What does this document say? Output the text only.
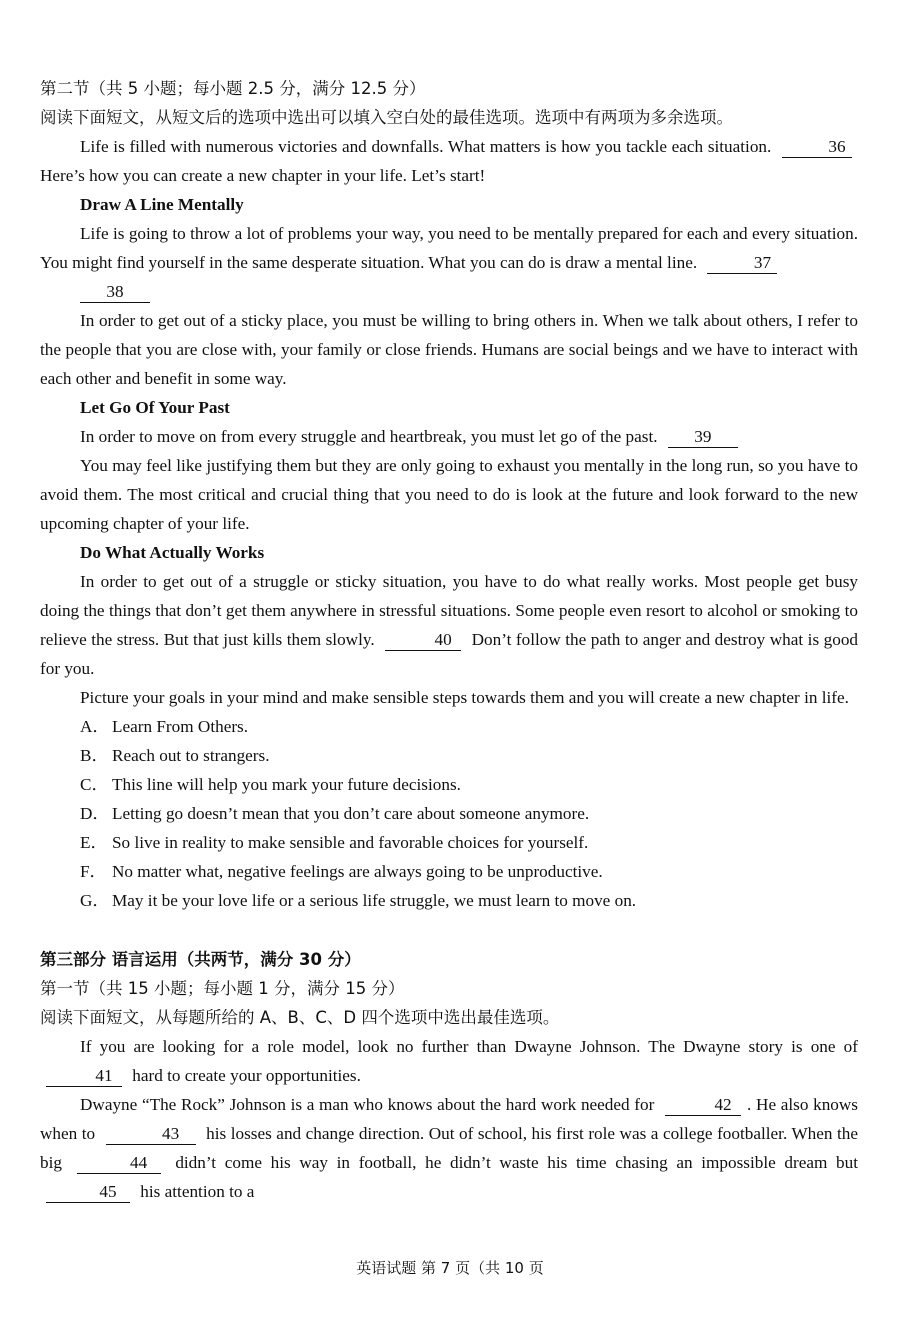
第二节（共 5 小题；每小题 2.5 分，满分 12.5 分）
阅读下面短文，从短文后的选项中选出可以填入空白处的最佳选项。选项中有两项为多余选项。
Life is filled with numerous victories and downfalls. What matters is how you tackle each situation.	36 Here’s how you can create a new chapter in your life. Let’s start!
Draw A Line Mentally
Life is going to throw a lot of problems your way, you need to be mentally prepared for each and every situation. You might find yourself in the same desperate situation. What you can do is draw a mental line.	37
38
In order to get out of a sticky place, you must be willing to bring others in. When we talk about others, I refer to the people that you are close with, your family or close friends. Humans are social beings and we have to interact with each other and benefit in some way.
Let Go Of Your Past
In order to move on from every struggle and heartbreak, you must let go of the past. 39
You may feel like justifying them but they are only going to exhaust you mentally in the long run, so you have to avoid them. The most critical and crucial thing that you need to do is look at the future and look forward to the new upcoming chapter of your life.
Do What Actually Works
In order to get out of a struggle or sticky situation, you have to do what really works. Most people get busy doing the things that don’t get them anywhere in stressful situations. Some people even resort to alcohol or smoking to relieve the stress. But that just kills them slowly.	40 Don’t follow the path to anger and destroy what is good for you.
Picture your goals in your mind and make sensible steps towards them and you will create a new chapter in life.
A． Learn From Others.
B． Reach out to strangers.
C． This line will help you mark your future decisions.
D． Letting go doesn’t mean that you don’t care about someone anymore.
E． So live in reality to make sensible and favorable choices for yourself.
F． No matter what, negative feelings are always going to be unproductive.
G． May it be your love life or a serious life struggle, we must learn to move on.
第三部分 语言运用（共两节，满分 30 分）
第一节（共 15 小题；每小题 1 分，满分 15 分）
阅读下面短文，从每题所给的 A、B、C、D 四个选项中选出最佳选项。
If you are looking for a role model, look no further than Dwayne Johnson. The Dwayne story is one of 41 hard to create your opportunities.
Dwayne “The Rock” Johnson is a man who knows about the hard work needed for	42 . He also knows when to	43 his losses and change direction. Out of school, his first role was a college footballer. When the big	44 didn’t come his way in football, he didn’t waste his time chasing an impossible dream but 45 his attention to a
英语试题 第 7 页（共 10 页
